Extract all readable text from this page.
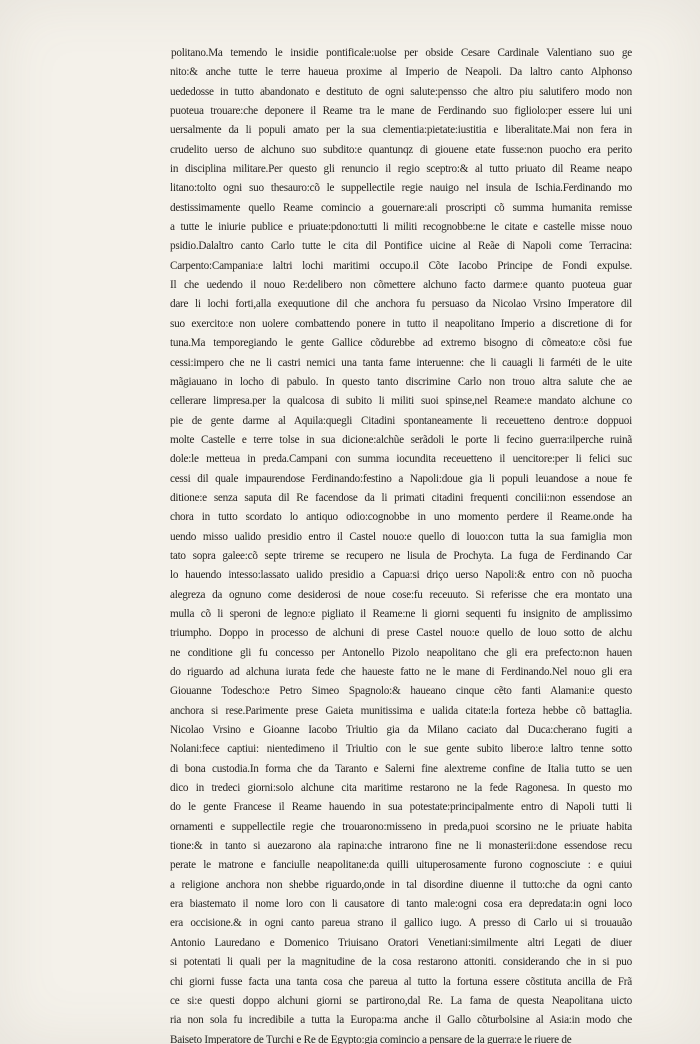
politano.Ma temendo le insidie pontificale:uolse per obside Cesare Cardinale Valentiano suo ge
nito:& anche tutte le terre haueua proxime al Imperio de Neapoli. Da laltro canto Alphonso
uededosse in tutto abandonato e destituto de ogni salute:pensso che altro piu salutifero modo non
puoteua trouare:che deponere il Reame tra le mane de Ferdinando suo figliolo:per essere lui uni
uersalmente da li populi amato per la sua clementia:pietate:iustitia e liberalitate.Mai non fera in
crudelito uerso de alchuno suo subdito:e quantunqz di giouene etate fusse:non puocho era perito
in disciplina militare.Per questo gli renuncio il regio sceptro:& al tutto priuato dil Reame neapo
litano:tolto ogni suo thesauro:cõ le suppellectile regie nauigo nel insula de Ischia.Ferdinando mo
destissimamente quello Reame comincio a gouernare:ali proscripti cõ summa humanita remisse
a tutte le iniurie publice e priuate:pdono:tutti li militi recognobbe:ne le citate e castelle misse nouo
psidio.Dalaltro canto Carlo tutte le cita dil Pontifice uicine al Reãe di Napoli come Terracina:
Carpento:Campania:e laltri lochi maritimi occupo.il Cõte Iacobo Principe de Fondi expulse.
Il che uedendo il nouo Re:delibero non cõmettere alchuno facto darme:e quanto puoteua guar
dare li lochi forti,alla exequutione dil che anchora fu persuaso da Nicolao Vrsino Imperatore dil
suo exercito:e non uolere combattendo ponere in tutto il neapolitano Imperio a discretione di for
tuna.Ma temporegiando le gente Gallice cõdurebbe ad extremo bisogno di cõmeato:e cõsi fue
cessi:impero che ne li castri nemici una tanta fame interuenne: che li cauagli li farméti de le uite
mãgiauano in locho di pabulo. In questo tanto discrimine Carlo non trouo altra salute che ae
cellerare limpresa.per la qualcosa di subito li militi suoi spinse,nel Reame:e mandato alchune co
pie de gente darme al Aquila:quegli Citadini spontaneamente li receuetteno dentro:e doppuoi
molte Castelle e terre tolse in sua dicione:alchũe serãdoli le porte li fecino guerra:ilperche ruinã
dole:le metteua in preda.Campani con summa iocundita receuetteno il uencitore:per li felici suc
cessi dil quale impaurendose Ferdinando:festino a Napoli:doue gia li populi leuandose a noue fe
ditione:e senza saputa dil Re facendose da li primati citadini frequenti concilii:non essendose an
chora in tutto scordato lo antiquo odio:cognobbe in uno momento perdere il Reame.onde ha
uendo misso ualido presidio entro il Castel nouo:e quello di louo:con tutta la sua famiglia mon
tato sopra galee:cõ septe trireme se recupero ne lisula de Prochyta. La fuga de Ferdinando Car
lo hauendo intesso:lassato ualido presidio a Capua:si driço uerso Napoli:& entro con nõ puocha
alegreza da ognuno come desiderosi de noue cose:fu receuuto. Si referisse che era montato una
mulla cõ li speroni de legno:e pigliato il Reame:ne li giorni sequenti fu insignito de amplissimo
triumpho. Doppo in processo de alchuni di prese Castel nouo:e quello de louo sotto de alchu
ne conditione gli fu concesso per Antonello Pizolo neapolitano che gli era prefecto:non hauen
do riguardo ad alchuna iurata fede che haueste fatto ne le mane di Ferdinando.Nel nouo gli era
Giouanne Todescho:e Petro Simeo Spagnolo:& haueano cinque cẽto fanti Alamani:e questo
anchora si rese.Parimente prese Gaieta munitissima e ualida citate:la forteza hebbe cõ battaglia.
Nicolao Vrsino e Gioanne Iacobo Triultio gia da Milano caciato dal Duca:cherano fugiti a
Nolani:fece captiui: nientedimeno il Triultio con le sue gente subito libero:e laltro tenne sotto
di bona custodia.In forma che da Taranto e Salerni fine alextreme confine de Italia tutto se uen
dico in tredeci giorni:solo alchune cita maritime restarono ne la fede Ragonesa. In questo mo
do le gente Francese il Reame hauendo in sua potestate:principalmente entro di Napoli tutti li
ornamenti e suppellectile regie che trouarono:misseno in preda,puoi scorsino ne le priuate habita
tione:& in tanto si auezarono ala rapina:che intrarono fine ne li monasterii:done essendose recu
perate le matrone e fanciulle neapolitane:da quilli uituperosamente furono cognosciute : e quiui
a religione anchora non shebbe riguardo,onde in tal disordine diuenne il tutto:che da ogni canto
era biastemato il nome loro con li causatore di tanto male:ogni cosa era depredata:in ogni loco
era occisione.& in ogni canto pareua strano il gallico iugo. A presso di Carlo ui si trouauão
Antonio Lauredano e Domenico Triuisano Oratori Venetiani:similmente altri Legati de diuer
si potentati li quali per la magnitudine de la cosa restarono attoniti. considerando che in si puo
chi giorni fusse facta una tanta cosa che pareua al tutto la fortuna essere cõstituta ancilla de Frã
ce si:e questi doppo alchuni giorni se partirono,dal Re. La fama de questa Neapolitana uicto
ria non sola fu incredibile a tutta la Europa:ma anche il Gallo cõturbolsine al Asia:in modo che
Baiseto Imperatore de Turchi e Re de Egypto:gia comincio a pensare de la guerra:e le riuere de
